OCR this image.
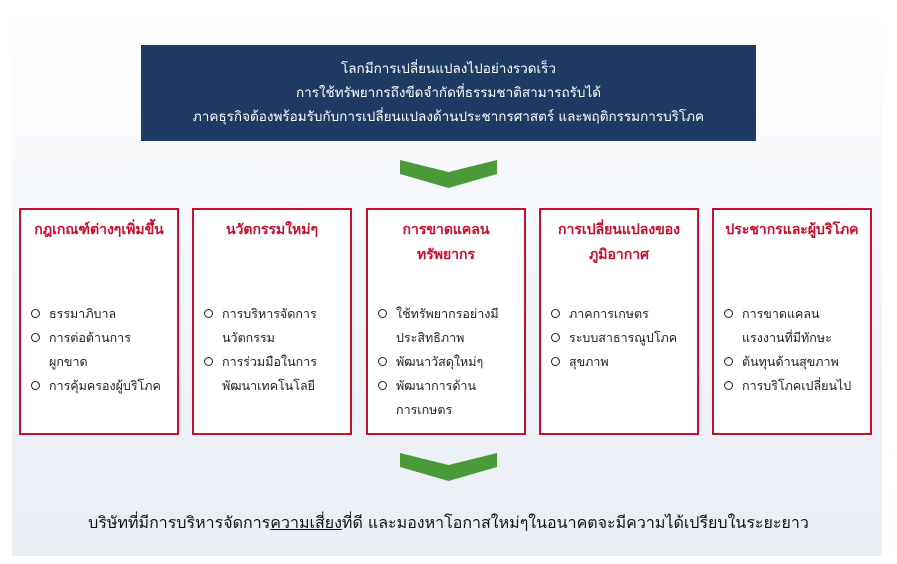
โลกมีการเปลี่ยนแปลงไปอย่างรวดเร็ว
การใช้ทรัพยากรถึงขีดจำกัดที่ธรรมชาติสามารถรับได้
ภาคธุรกิจต้องพร้อมรับกับการเปลี่ยนแปลงด้านประชากรศาสตร์ และพฤติกรรมการบริโภค
กฎเกณฑ์ต่างๆเพิ่มขึ้น
ธรรมาภิบาล
การต่อต้านการผูกขาด
การคุ้มครองผู้บริโภค
นวัตกรรมใหม่ๆ
การบริหารจัดการนวัตกรรม
การร่วมมือในการพัฒนาเทคโนโลยี
การขาดแคลนทรัพยากร
ใช้ทรัพยากรอย่างมีประสิทธิภาพ
พัฒนาวัสดุใหม่ๆ
พัฒนาการด้านการเกษตร
การเปลี่ยนแปลงของภูมิอากาศ
ภาคการเกษตร
ระบบสาธารณูปโภค
สุขภาพ
ประชากรและผู้บริโภค
การขาดแคลนแรงงานที่มีทักษะ
ต้นทุนด้านสุขภาพ
การบริโภคเปลี่ยนไป
บริษัทที่มีการบริหารจัดการความเสี่ยงที่ดี และมองหาโอกาสใหม่ๆในอนาคตจะมีความได้เปรียบในระยะยาว
